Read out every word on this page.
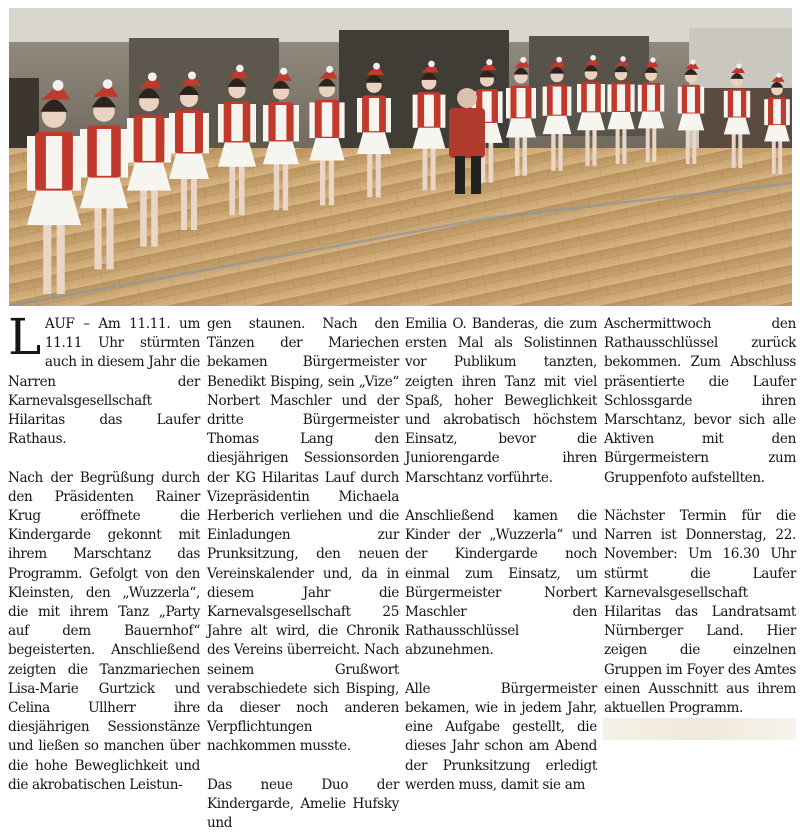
LAUF – Am 11.11. um 11.11 Uhr stürmten auch in diesem Jahr die Narren der Karnevalsgesellschaft Hilaritas das Laufer Rathaus.

Nach der Begrüßung durch den Präsidenten Rainer Krug eröffnete die Kindergarde gekonnt mit ihrem Marschtanz das Programm. Gefolgt von den Kleinsten, den „Wuzzerla“, die mit ihrem Tanz „Party auf dem Bauernhof“ begeisterten. Anschließend zeigten die Tanzmariechen Lisa-Marie Gurtzick und Celina Ullherr ihre diesjährigen Sessionstänze und ließen so manchen über die hohe Beweglichkeit und die akrobatischen Leistun-

gen staunen. Nach den Tänzen der Mariechen bekamen Bürgermeister Benedikt Bisping, sein „Vize“ Norbert Maschler und der dritte Bürgermeister Thomas Lang den diesjährigen Sessionsorden der KG Hilaritas Lauf durch Vizepräsidentin Michaela Herberich verliehen und die Einladungen zur Prunksitzung, den neuen Vereinskalender und, da in diesem Jahr die Karnevalsgesellschaft 25 Jahre alt wird, die Chronik des Vereins überreicht. Nach seinem Grußwort verabschiedete sich Bisping, da dieser noch anderen Verpflichtungen nachkommen musste.

Das neue Duo der Kindergarde, Amelie Hufsky und

Emilia O. Banderas, die zum ersten Mal als Solistinnen vor Publikum tanzten, zeigten ihren Tanz mit viel Spaß, hoher Beweglichkeit und akrobatisch höchstem Einsatz, bevor die Juniorengarde ihren Marschtanz vorführte.

Anschließend kamen die Kinder der „Wuzzerla“ und der Kindergarde noch einmal zum Einsatz, um Bürgermeister Norbert Maschler den Rathausschlüssel abzunehmen.

Alle Bürgermeister bekamen, wie in jedem Jahr, eine Aufgabe gestellt, die dieses Jahr schon am Abend der Prunksitzung erledigt werden muss, damit sie am

Aschermittwoch den Rathausschlüssel zurück bekommen. Zum Abschluss präsentierte die Laufer Schlossgarde ihren Marschtanz, bevor sich alle Aktiven mit den Bürgermeistern zum Gruppenfoto aufstellten.

Nächster Termin für die Narren ist Donnerstag, 22. November: Um 16.30 Uhr stürmt die Laufer Karnevalsgesellschaft Hilaritas das Landratsamt Nürnberger Land. Hier zeigen die einzelnen Gruppen im Foyer des Amtes einen Ausschnitt aus ihrem aktuellen Programm.
